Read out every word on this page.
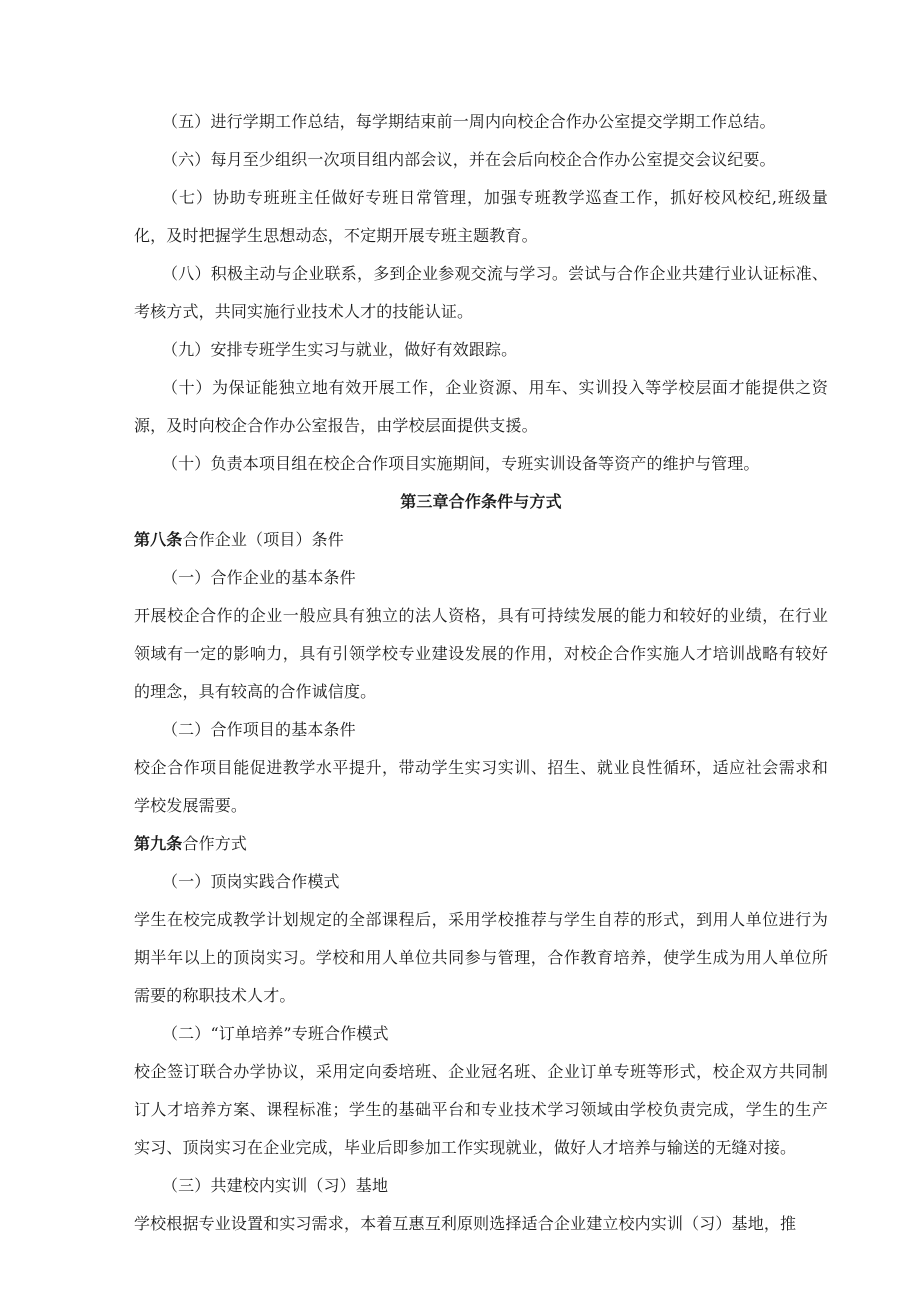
（五）进行学期工作总结，每学期结束前一周内向校企合作办公室提交学期工作总结。

（六）每月至少组织一次项目组内部会议，并在会后向校企合作办公室提交会议纪要。

（七）协助专班班主任做好专班日常管理，加强专班教学巡查工作，抓好校风校纪,班级量化，及时把握学生思想动态，不定期开展专班主题教育。

（八）积极主动与企业联系，多到企业参观交流与学习。尝试与合作企业共建行业认证标准、考核方式，共同实施行业技术人才的技能认证。

（九）安排专班学生实习与就业，做好有效跟踪。

（十）为保证能独立地有效开展工作，企业资源、用车、实训投入等学校层面才能提供之资源，及时向校企合作办公室报告，由学校层面提供支援。

（十）负责本项目组在校企合作项目实施期间，专班实训设备等资产的维护与管理。

第三章合作条件与方式

第八条合作企业（项目）条件

（一）合作企业的基本条件

开展校企合作的企业一般应具有独立的法人资格，具有可持续发展的能力和较好的业绩，在行业领域有一定的影响力，具有引领学校专业建设发展的作用，对校企合作实施人才培训战略有较好的理念，具有较高的合作诚信度。

（二）合作项目的基本条件

校企合作项目能促进教学水平提升，带动学生实习实训、招生、就业良性循环，适应社会需求和学校发展需要。

第九条合作方式

（一）顶岗实践合作模式

学生在校完成教学计划规定的全部课程后，采用学校推荐与学生自荐的形式，到用人单位进行为期半年以上的顶岗实习。学校和用人单位共同参与管理，合作教育培养，使学生成为用人单位所需要的称职技术人才。

（二）“订单培养”专班合作模式

校企签订联合办学协议，采用定向委培班、企业冠名班、企业订单专班等形式，校企双方共同制订人才培养方案、课程标准；学生的基础平台和专业技术学习领域由学校负责完成，学生的生产实习、顶岗实习在企业完成，毕业后即参加工作实现就业，做好人才培养与输送的无缝对接。

（三）共建校内实训（习）基地

学校根据专业设置和实习需求，本着互惠互利原则选择适合企业建立校内实训（习）基地，推
